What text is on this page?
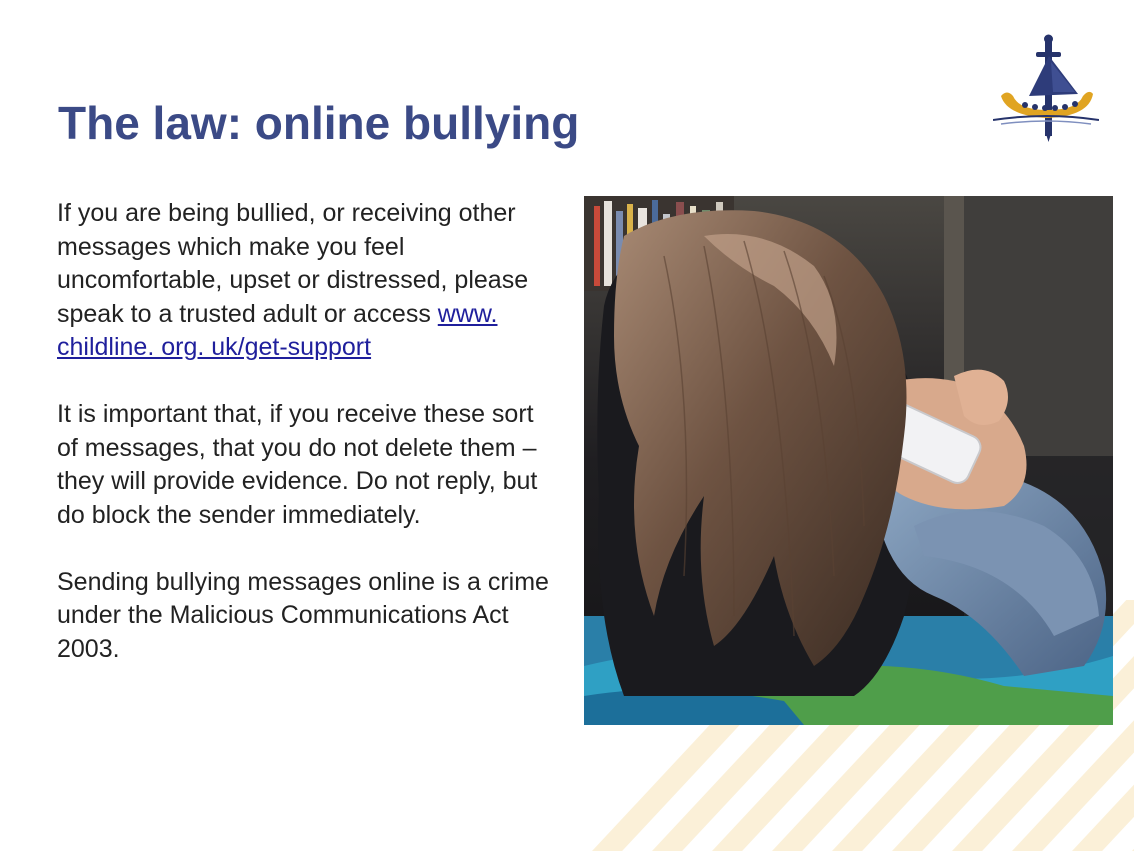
The law: online bullying

If you are being bullied, or receiving other messages which make you feel uncomfortable, upset or distressed, please speak to a trusted adult or access www. childline. org. uk/get-support

It is important that, if you receive these sort of messages, that you do not delete them – they will provide evidence. Do not reply, but do block the sender immediately.

Sending bullying messages online is a crime under the Malicious Communications Act 2003.
